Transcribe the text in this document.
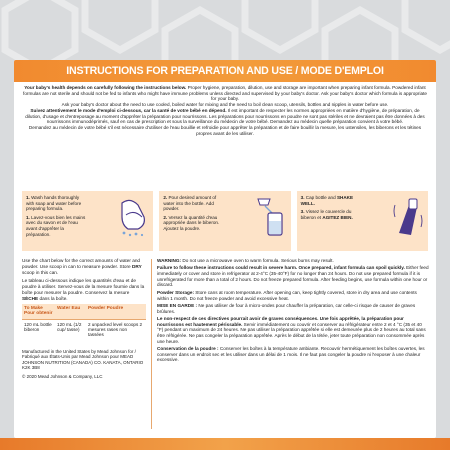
INSTRUCTIONS FOR PREPARATION AND USE / MODE D'EMPLOI

Your baby's health depends on carefully following the instructions below. Proper hygiene, preparation, dilution, use and storage are important when preparing infant formula. Powdered infant formulas are not sterile and should not be fed to infants who might have immune problems unless directed and supervised by your baby's doctor. Ask your baby's doctor which formula is appropriate for your baby.

Ask your baby's doctor about the need to use cooled, boiled water for mixing and the need to boil clean scoop, utensils, bottles and nipples in water before use.

Suivez attentivement le mode d'emploi ci-dessous, car la santé de votre bébé en dépend. Il est important de respecter les normes appropriées en matière d'hygiène, de préparation, de dilution, d'usage et d'entreposage au moment d'apprêter la préparation pour nourrissons. Les préparations pour nourrissons en poudre ne sont pas stériles et ne devraient pas être données à des nourrissons immunodéprimés, sauf en cas de prescription et sous la surveillance du médecin de votre bébé. Demandez au médecin quelle préparation convient à votre bébé.

Demandez au médecin de votre bébé s'il est nécessaire d'utiliser de l'eau bouillie et refroidie pour apprêter la préparation et de faire bouillir la mesure, les ustensiles, les biberons et les tétines propres avant de les utiliser.

1. Wash hands thoroughly with soap and water before preparing formula.
1. Lavez-vous bien les mains avec du savon et de l'eau avant d'apprêter la préparation.
2. Pour desired amount of water into the bottle. Add powder.
2. Versez la quantité d'eau appropriée dans le biberon. Ajoutez la poudre.
3. Cap bottle and SHAKE WELL.
3. Vissez le couvercle du biberon et AGITEZ BIEN.

Use the chart below for the correct amounts of water and powder. Use scoop in can to measure powder. Store DRY scoop in this can.

Le tableau ci-dessous indique les quantités d'eau et de poudre à utiliser. Servez-vous de la mesure fournie dans la boîte pour mesurer la poudre. Conservez la mesure SÈCHE dans la boîte.

To Make Pour obtenir	Water Eau	Powder Poudre
120 mL bottle biberon	120 mL (1/2 cup/ tasse)	2 unpacked level scoops 2 mesures rases non tassées

Manufactured in the United States by Mead Johnson for / Fabriqué aux États-Unis par Mead Johnson pour MEAD JOHNSON NUTRITION (CANADA) CO. KANATA, ONTARIO K2K 3B8

© 2020 Mead Johnson & Company, LLC

WARNING: Do not use a microwave oven to warm formula. Serious burns may result.

Failure to follow these instructions could result in severe harm. Once prepared, infant formula can spoil quickly. Either feed immediately or cover and store in refrigerator at 2-4°C (35-40°F) for no longer than 24 hours. Do not use prepared formula if it is unrefrigerated for more than a total of 2 hours. Do not freeze prepared formula. After feeding begins, use formula within one hour or discard.

Powder Storage: Store cans at room temperature. After opening can, keep tightly covered, store in dry area and use contents within 1 month. Do not freeze powder and avoid excessive heat.

MISE EN GARDE : Ne pas utiliser de four à micro-ondes pour chauffer la préparation, car celle-ci risque de causer de graves brûlures.

Le non-respect de ces directives pourrait avoir de graves conséquences. Une fois apprêtée, la préparation pour nourrissons est hautement périssable. Servir immédiatement ou couvrir et conserver au réfrigérateur entre 2 et 4 °C (35 et 40 °F) pendant un maximum de 24 heures. Ne pas utiliser la préparation apprêtée si elle est demeurée plus de 2 heures au total sans être réfrigérée. Ne pas congeler la préparation apprêtée. Après le début de la tétée, jeter toute préparation non consommée après une heure.

Conservation de la poudre : Conserver les boîtes à la température ambiante. Recouvrir hermétiquement les boîtes ouvertes, les conserver dans un endroit sec et les utiliser dans un délai de 1 mois. Il ne faut pas congeler la poudre ni l'exposer à une chaleur excessive.
